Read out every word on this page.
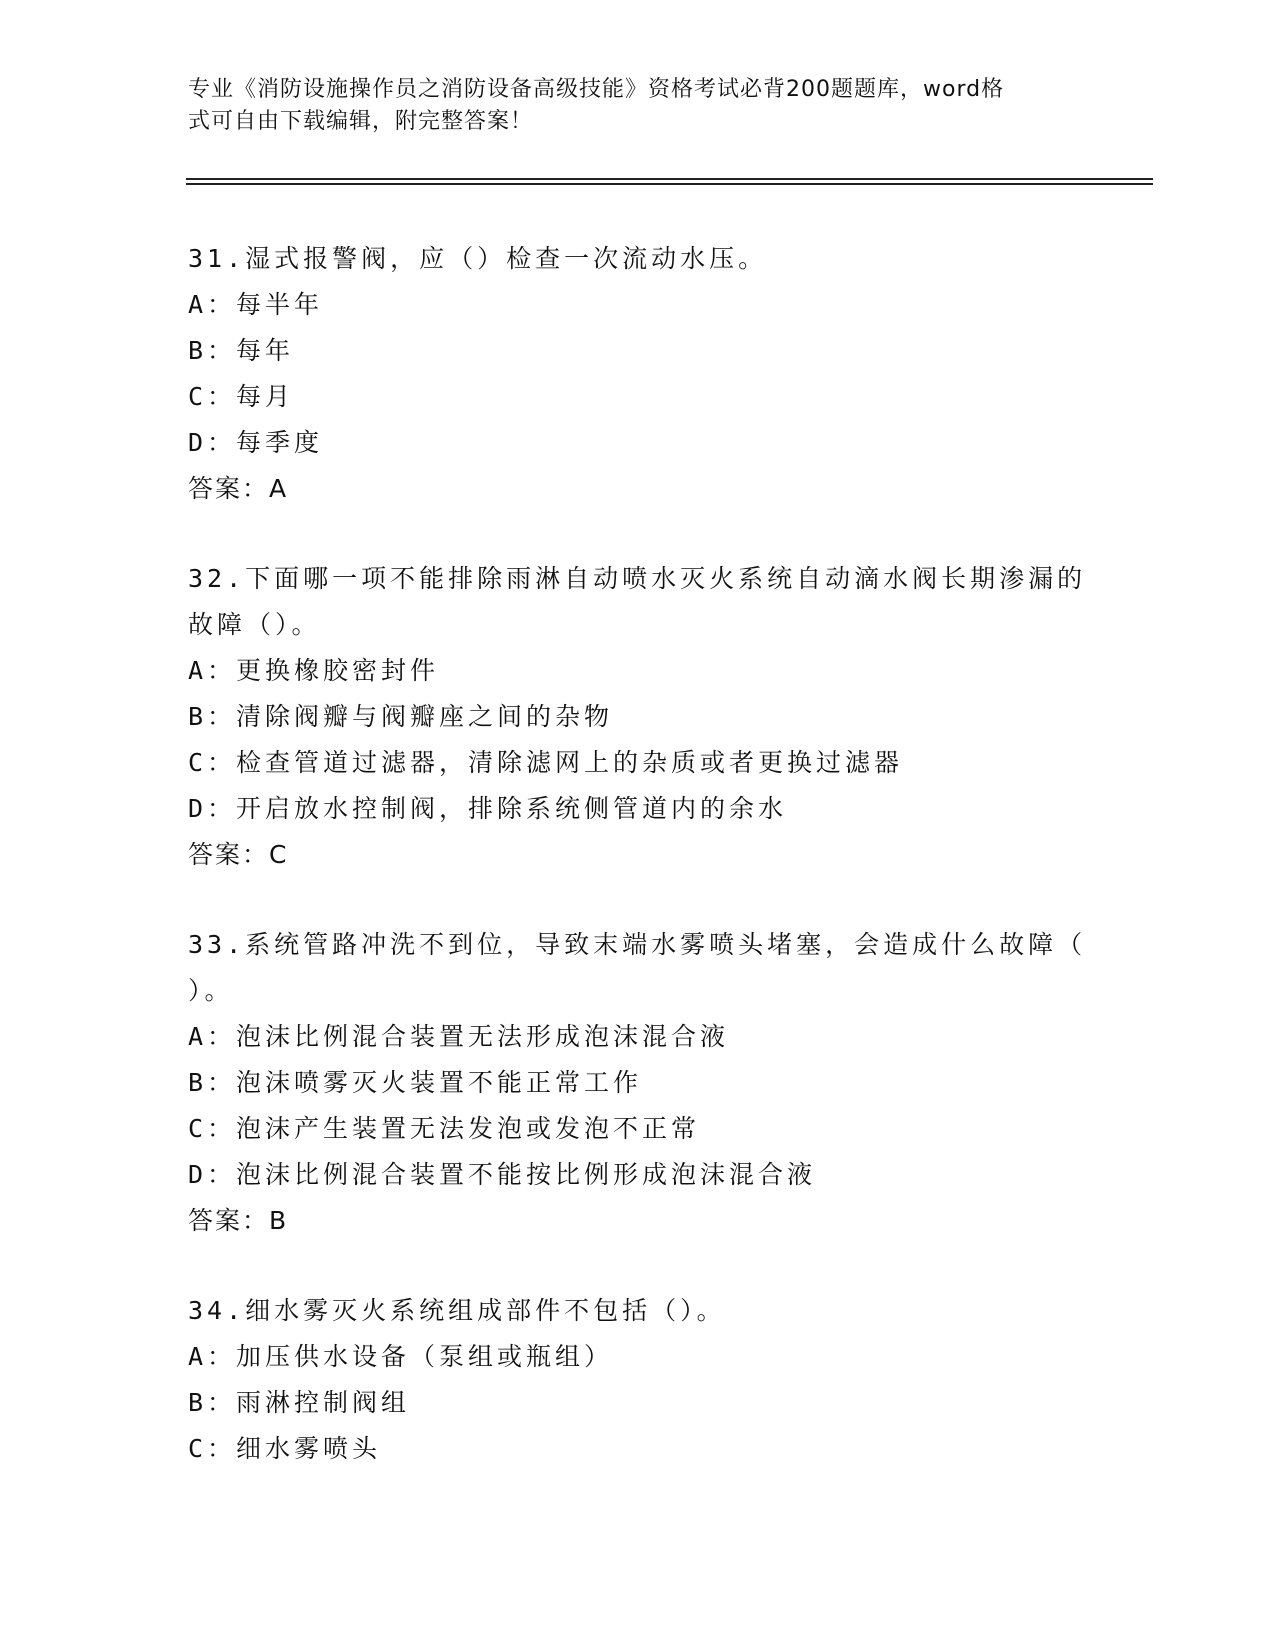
专业《消防设施操作员之消防设备高级技能》资格考试必背200题题库，word格
式可自由下载编辑，附完整答案！
31.湿式报警阀，应（）检查一次流动水压。
A：每半年
B：每年
C：每月
D：每季度
答案：A
32.下面哪一项不能排除雨淋自动喷水灭火系统自动滴水阀长期渗漏的
故障（）。
A：更换橡胶密封件
B：清除阀瓣与阀瓣座之间的杂物
C：检查管道过滤器，清除滤网上的杂质或者更换过滤器
D：开启放水控制阀，排除系统侧管道内的余水
答案：C
33.系统管路冲洗不到位，导致末端水雾喷头堵塞，会造成什么故障（
）。
A：泡沫比例混合装置无法形成泡沫混合液
B：泡沫喷雾灭火装置不能正常工作
C：泡沫产生装置无法发泡或发泡不正常
D：泡沫比例混合装置不能按比例形成泡沫混合液
答案：B
34.细水雾灭火系统组成部件不包括（）。
A：加压供水设备（泵组或瓶组）
B：雨淋控制阀组
C：细水雾喷头
